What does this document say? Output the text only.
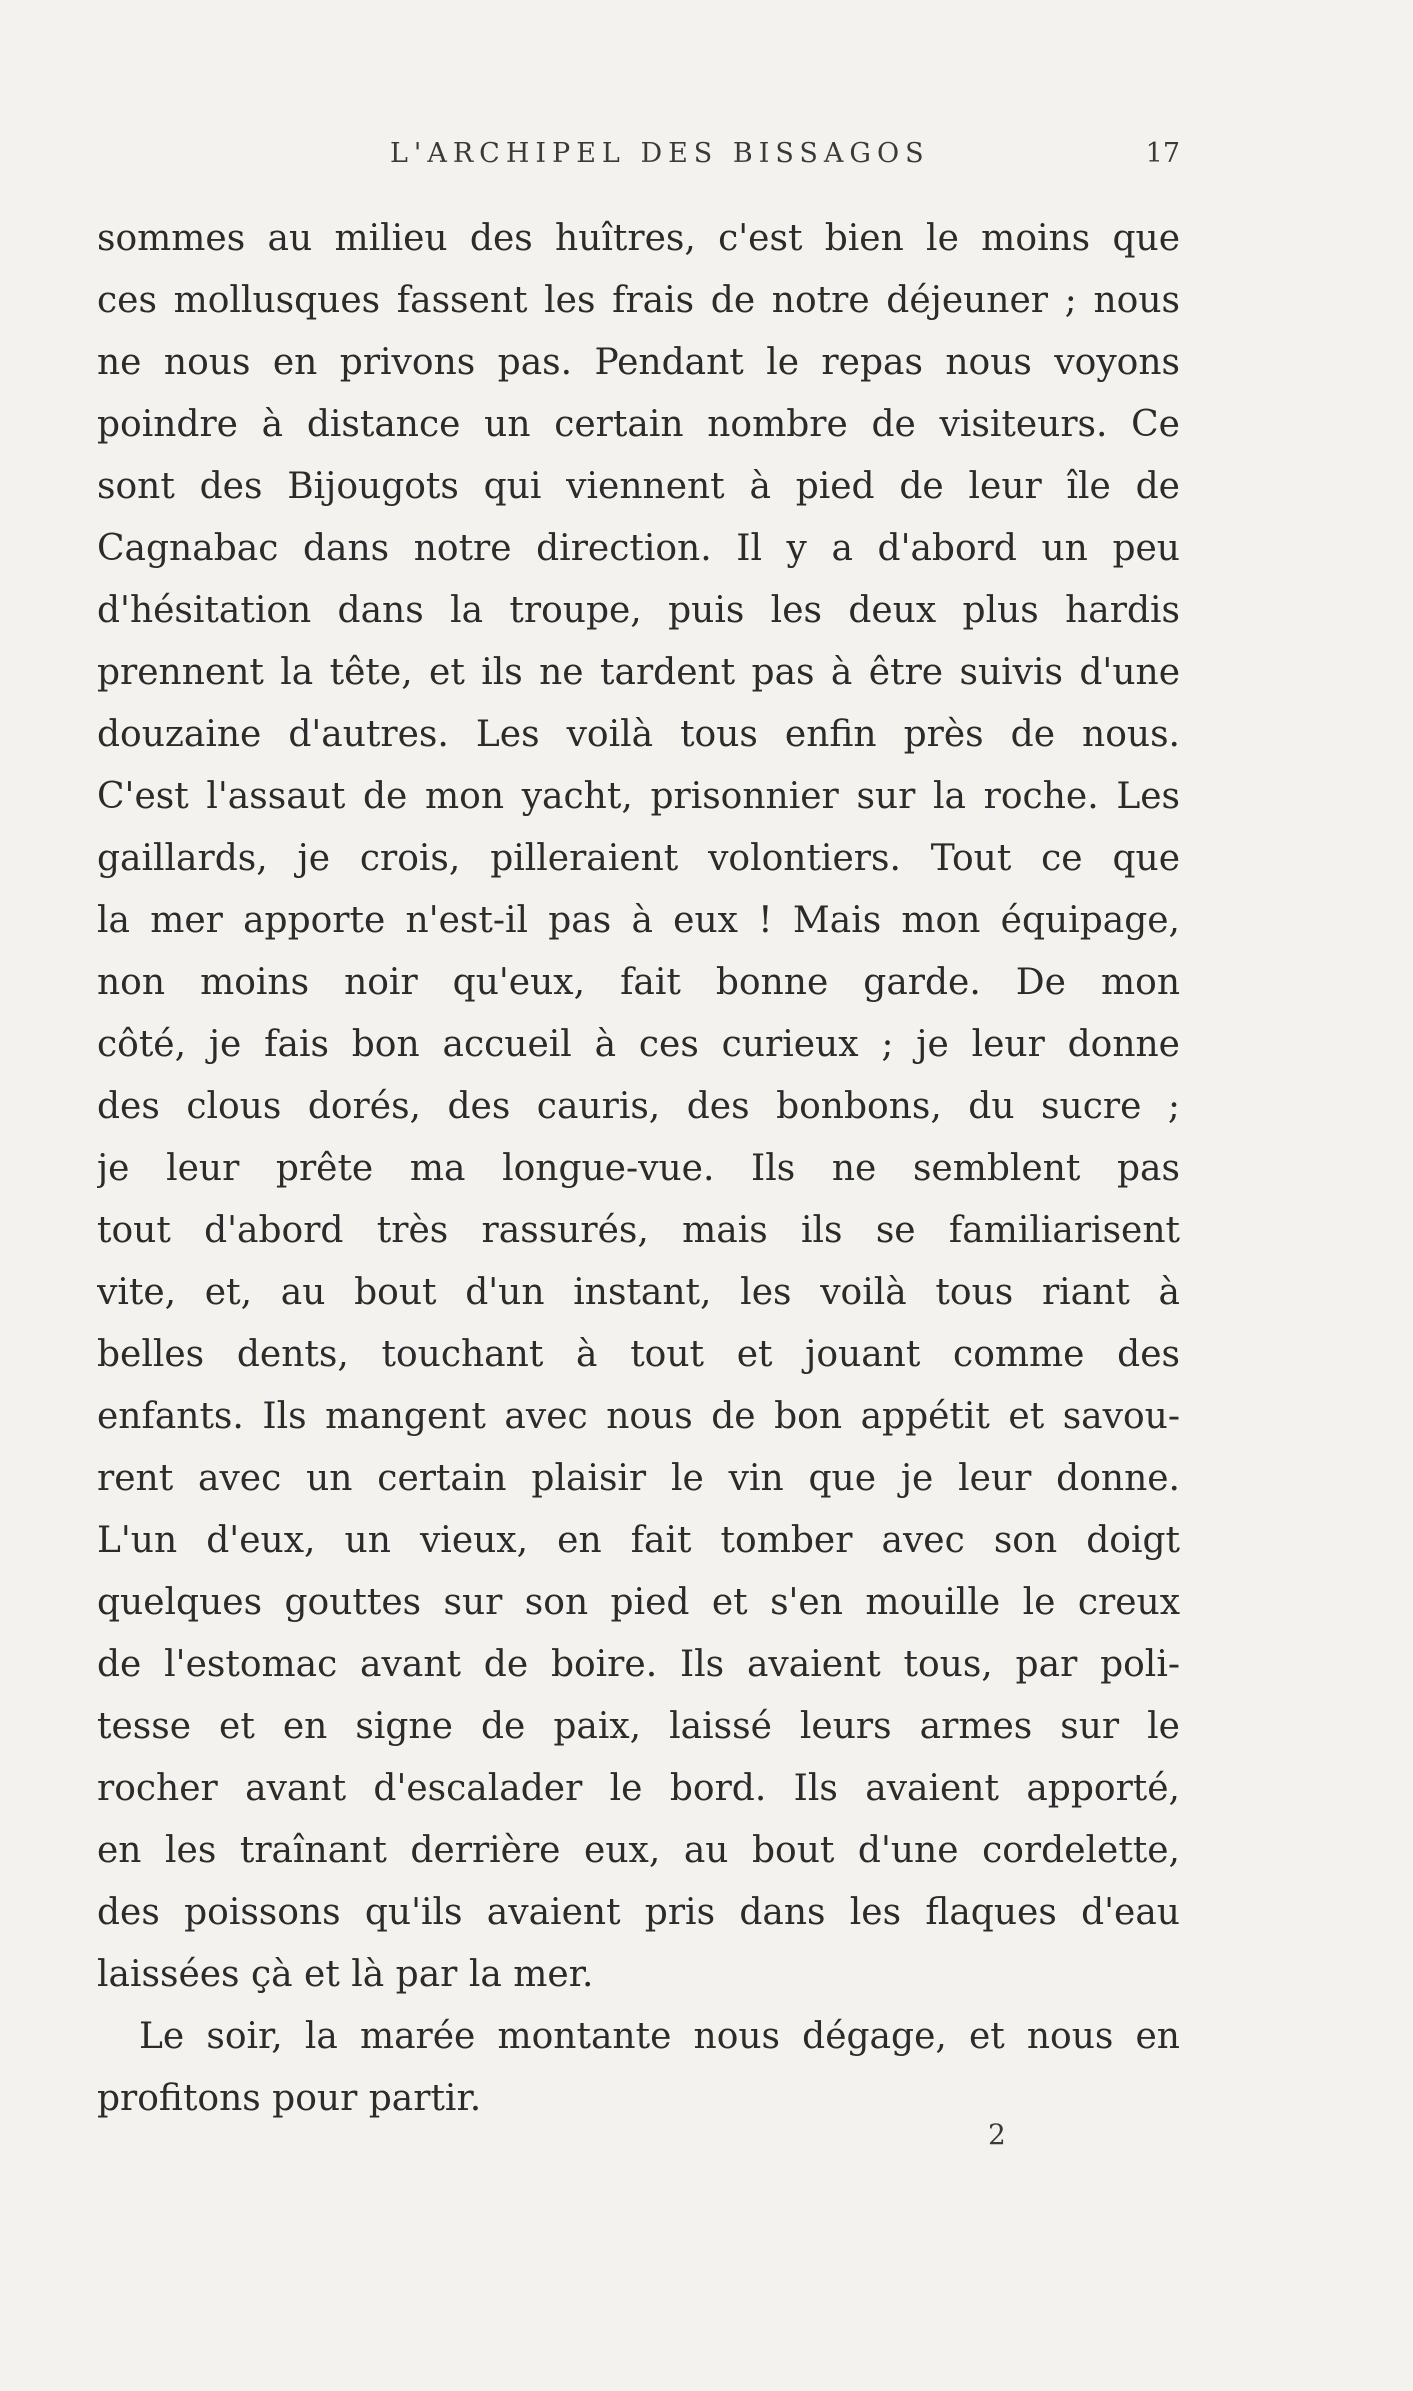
L'ARCHIPEL DES BISSAGOS	17
sommes au milieu des huîtres, c'est bien le moins que
ces mollusques fassent les frais de notre déjeuner ; nous
ne nous en privons pas. Pendant le repas nous voyons
poindre à distance un certain nombre de visiteurs. Ce
sont des Bijougots qui viennent à pied de leur île de
Cagnabac dans notre direction. Il y a d'abord un peu
d'hésitation dans la troupe, puis les deux plus hardis
prennent la tête, et ils ne tardent pas à être suivis d'une
douzaine d'autres. Les voilà tous enfin près de nous.
C'est l'assaut de mon yacht, prisonnier sur la roche. Les
gaillards, je crois, pilleraient volontiers. Tout ce que
la mer apporte n'est-il pas à eux ! Mais mon équipage,
non moins noir qu'eux, fait bonne garde. De mon
côté, je fais bon accueil à ces curieux ; je leur donne
des clous dorés, des cauris, des bonbons, du sucre ;
je leur prête ma longue-vue. Ils ne semblent pas
tout d'abord très rassurés, mais ils se familiarisent
vite, et, au bout d'un instant, les voilà tous riant à
belles dents, touchant à tout et jouant comme des
enfants. Ils mangent avec nous de bon appétit et savou-
rent avec un certain plaisir le vin que je leur donne.
L'un d'eux, un vieux, en fait tomber avec son doigt
quelques gouttes sur son pied et s'en mouille le creux
de l'estomac avant de boire. Ils avaient tous, par poli-
tesse et en signe de paix, laissé leurs armes sur le
rocher avant d'escalader le bord. Ils avaient apporté,
en les traînant derrière eux, au bout d'une cordelette,
des poissons qu'ils avaient pris dans les flaques d'eau
laissées çà et là par la mer.
Le soir, la marée montante nous dégage, et nous en
profitons pour partir.
2
